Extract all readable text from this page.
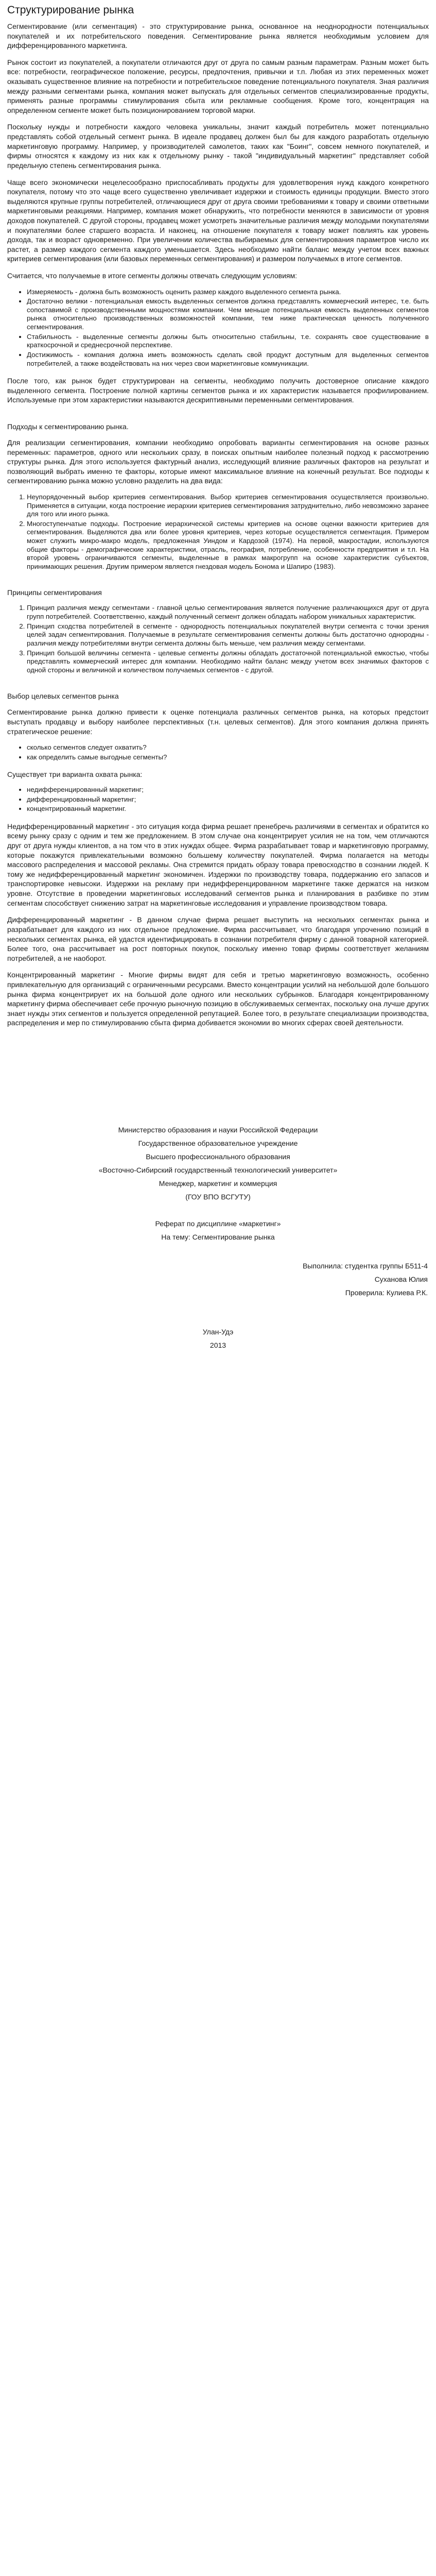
Структурирование рынка

Сегментирование (или сегментация) - это структурирование рынка, основанное на неоднородности потенциальных покупателей и их потребительского поведения. Сегментирование рынка является необходимым условием для дифференцированного маркетинга.

Рынок состоит из покупателей, а покупатели отличаются друг от друга по самым разным параметрам. Разным может быть все: потребности, географическое положение, ресурсы, предпочтения, привычки и т.п. Любая из этих переменных может оказывать существенное влияние на потребности и потребительское поведение потенциального покупателя. Зная различия между разными сегментами рынка, компания может выпускать для отдельных сегментов специализированные продукты, применять разные программы стимулирования сбыта или рекламные сообщения. Кроме того, концентрация на определенном сегменте может быть позиционированием торговой марки.

Поскольку нужды и потребности каждого человека уникальны, значит каждый потребитель может потенциально представлять собой отдельный сегмент рынка. В идеале продавец должен был бы для каждого разработать отдельную маркетинговую программу. Например, у производителей самолетов, таких как "Боинг", совсем немного покупателей, и фирмы относятся к каждому из них как к отдельному рынку - такой "индивидуальный маркетинг" представляет собой предельную степень сегментирования рынка.

Чаще всего экономически нецелесообразно приспосабливать продукты для удовлетворения нужд каждого конкретного покупателя, потому что это чаще всего существенно увеличивает издержки и стоимость единицы продукции. Вместо этого выделяются крупные группы потребителей, отличающиеся друг от друга своими требованиями к товару и своими ответными маркетинговыми реакциями. Например, компания может обнаружить, что потребности меняются в зависимости от уровня доходов покупателей. С другой стороны, продавец может усмотреть значительные различия между молодыми покупателями и покупателями более старшего возраста. И наконец, на отношение покупателя к товару может повлиять как уровень дохода, так и возраст одновременно. При увеличении количества выбираемых для сегментирования параметров число их растет, а размер каждого сегмента каждого уменьшается. Здесь необходимо найти баланс между учетом всех важных критериев сегментирования (или базовых переменных сегментирования) и размером получаемых в итоге сегментов.

Считается, что получаемые в итоге сегменты должны отвечать следующим условиям:

• Измеряемость - должна быть возможность оценить размер каждого выделенного сегмента рынка.
• Достаточно велики - потенциальная емкость выделенных сегментов должна представлять коммерческий интерес, т.е. быть сопоставимой с производственными мощностями компании. Чем меньше потенциальная емкость выделенных сегментов рынка относительно производственных возможностей компании, тем ниже практическая ценность полученного сегментирования.
• Стабильность - выделенные сегменты должны быть относительно стабильны, т.е. сохранять свое существование в краткосрочной и среднесрочной перспективе.
• Достижимость - компания должна иметь возможность сделать свой продукт доступным для выделенных сегментов потребителей, а также воздействовать на них через свои маркетинговые коммуникации.

После того, как рынок будет структурирован на сегменты, необходимо получить достоверное описание каждого выделенного сегмента. Построение полной картины сегментов рынка и их характеристик называется профилированием. Используемые при этом характеристики называются дескриптивными переменными сегментирования.

Подходы к сегментированию рынка.

Для реализации сегментирования, компании необходимо опробовать варианты сегментирования на основе разных переменных: параметров, одного или нескольких сразу, в поисках опытным наиболее полезный подход к рассмотрению структуры рынка. Для этого используется фактурный анализ, исследующий влияние различных факторов на результат и позволяющий выбрать именно те факторы, которые имеют максимальное влияние на конечный результат. Все подходы к сегментированию рынка можно условно разделить на два вида:

1. Неупорядоченный выбор критериев сегментирования. Выбор критериев сегментирования осуществляется произвольно. Применяется в ситуации, когда построение иерархии критериев сегментирования затруднительно, либо невозможно заранее для того или иного рынка.
2. Многоступенчатые подходы. Построение иерархической системы критериев на основе оценки важности критериев для сегментирования. Выделяются два или более уровня критериев, через которые осуществляется сегментация. Примером может служить микро-макро модель, предложенная Уиндом и Кардозой (1974). На первой, макростадии, используются общие факторы - демографические характеристики, отрасль, география, потребление, особенности предприятия и т.п. На второй уровень ограничиваются сегменты, выделенные в рамках макрогрупп на основе характеристик субъектов, принимающих решения. Другим примером является гнездовая модель Бонома и Шапиро (1983).

Принципы сегментирования

1. Принцип различия между сегментами - главной целью сегментирования является получение различающихся друг от друга групп потребителей. Соответственно, каждый полученный сегмент должен обладать набором уникальных характеристик.
2. Принцип сходства потребителей в сегменте - однородность потенциальных покупателей внутри сегмента с точки зрения целей задач сегментирования. Получаемые в результате сегментирования сегменты должны быть достаточно однородны - различия между потребителями внутри сегмента должны быть меньше, чем различия между сегментами.
3. Принцип большой величины сегмента - целевые сегменты должны обладать достаточной потенциальной емкостью, чтобы представлять коммерческий интерес для компании. Необходимо найти баланс между учетом всех значимых факторов с одной стороны и величиной и количеством получаемых сегментов - с другой.

Выбор целевых сегментов рынка

Сегментирование рынка должно привести к оценке потенциала различных сегментов рынка, на которых предстоит выступать продавцу и выбору наиболее перспективных (т.н. целевых сегментов). Для этого компания должна принять стратегическое решение:

• сколько сегментов следует охватить?
• как определить самые выгодные сегменты?

Существует три варианта охвата рынка:

• недифференцированный маркетинг;
• дифференцированный маркетинг;
• концентрированный маркетинг.

Недифференцированный маркетинг - это ситуация когда фирма решает пренебречь различиями в сегментах и обратится ко всему рынку сразу с одним и тем же предложением. В этом случае она концентрирует усилия не на том, чем отличаются друг от друга нужды клиентов, а на том что в этих нуждах общее. Фирма разрабатывает товар и маркетинговую программу, которые покажутся привлекательными возможно большему количеству покупателей. Фирма полагается на методы массового распределения и массовой рекламы. Она стремится придать образу товара превосходство в сознании людей. К тому же недифференцированный маркетинг экономичен. Издержки по производству товара, поддержанию его запасов и транспортировке невысоки. Издержки на рекламу при недифференцированном маркетинге также держатся на низком уровне. Отсутствие в проведении маркетинговых исследований сегментов рынка и планирования в разбивке по этим сегментам способствует снижению затрат на маркетинговые исследования и управление производством товара.

Дифференцированный маркетинг - В данном случае фирма решает выступить на нескольких сегментах рынка и разрабатывает для каждого из них отдельное предложение. Фирма рассчитывает, что благодаря упрочению позиций в нескольких сегментах рынка, ей удастся идентифицировать в сознании потребителя фирму с данной товарной категорией. Более того, она рассчитывает на рост повторных покупок, поскольку именно товар фирмы соответствует желаниям потребителей, а не наоборот.

Концентрированный маркетинг - Многие фирмы видят для себя и третью маркетинговую возможность, особенно привлекательную для организаций с ограниченными ресурсами. Вместо концентрации усилий на небольшой доле большого рынка фирма концентрирует их на большой доле одного или нескольких субрынков. Благодаря концентрированному маркетингу фирма обеспечивает себе прочную рыночную позицию в обслуживаемых сегментах, поскольку она лучше других знает нужды этих сегментов и пользуется определенной репутацией. Более того, в результате специализации производства, распределения и мер по стимулированию сбыта фирма добивается экономии во многих сферах своей деятельности.

Министерство образования и науки Российской Федерации
Государственное образовательное учреждение
Высшего профессионального образования
«Восточно-Сибирский государственный технологический университет»
Менеджер, маркетинг и коммерция
(ГОУ ВПО ВСГУТУ)
Реферат по дисциплине «маркетинг»
На тему: Сегментирование рынка
Выполнила: студентка группы Б511-4
Суханова Юлия
Проверила: Кулиева Р.К.
Улан-Удэ
2013
